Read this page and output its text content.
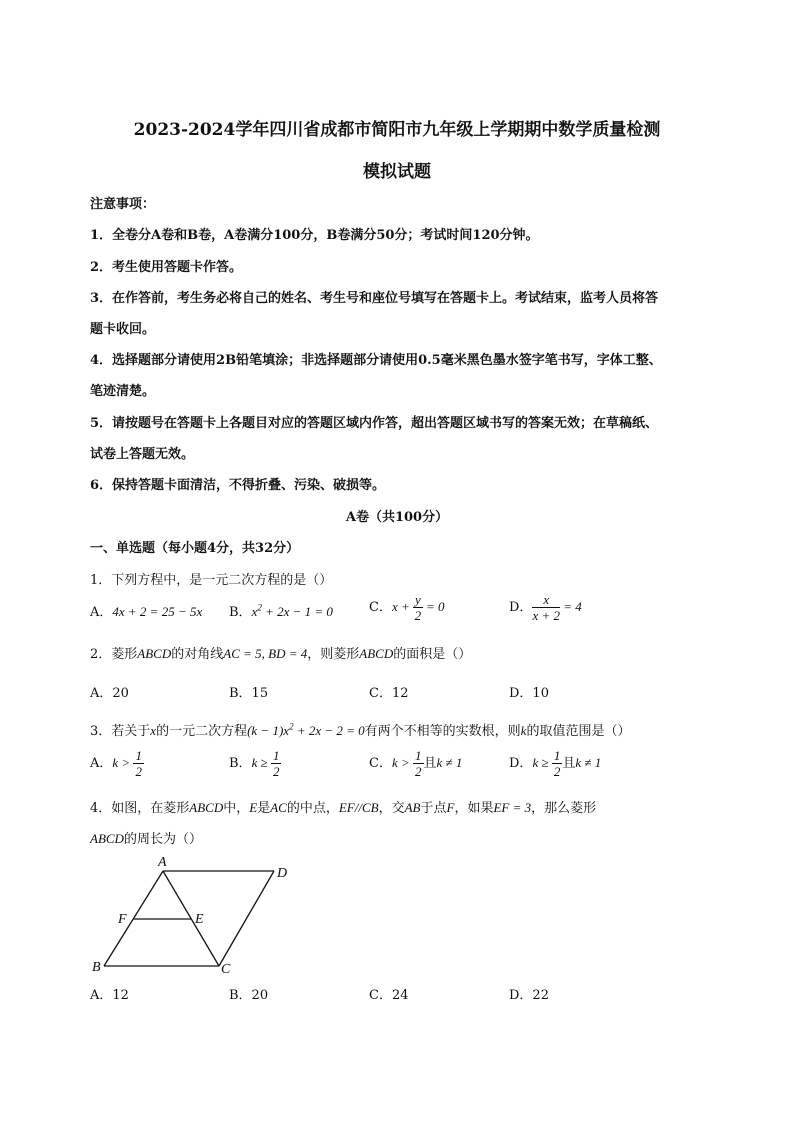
2023-2024学年四川省成都市简阳市九年级上学期期中数学质量检测
模拟试题
注意事项：
1．全卷分A卷和B卷，A卷满分100分，B卷满分50分；考试时间120分钟。
2．考生使用答题卡作答。
3．在作答前，考生务必将自己的姓名、考生号和座位号填写在答题卡上。考试结束，监考人员将答
题卡收回。
4．选择题部分请使用2B铅笔填涂；非选择题部分请使用0.5毫米黑色墨水签字笔书写，字体工整、
笔迹清楚。
5．请按题号在答题卡上各题目对应的答题区域内作答，超出答题区域书写的答案无效；在草稿纸、
试卷上答题无效。
6．保持答题卡面清洁，不得折叠、污染、破损等。
A卷（共100分）
一、单选题（每小题4分，共32分）
1．下列方程中，是一元二次方程的是（）
A．4x + 2 = 25 − 5x B．$x^2 + 2x - 1 = 0$	C．$x + \frac{y}{2} = 0$	D． $\frac{x}{x + 2} = 4$
2．菱形ABCD的对角线AC = 5, BD = 4，则菱形ABCD的面积是（）
A．20	B．15	C．12	D．10
3．若关于x的一元二次方程$(k - 1)x^2 + 2x - 2 = 0$有两个不相等的实数根，则k的取值范围是（）
A．$k > \frac{1}{2}$	B．$k \ge \frac{1}{2}$	C．$k > \frac{1}{2}$ 且k ≠ 1	D．$k \ge \frac{1}{2}$ 且k ≠ 1
4．如图，在菱形ABCD中，E是AC的中点，EF//CB，交AB于点F，如果EF = 3，那么菱形
ABCD的周长为（）
A
D
F	E
B	C
A．12	B．20	C．24	D．22
